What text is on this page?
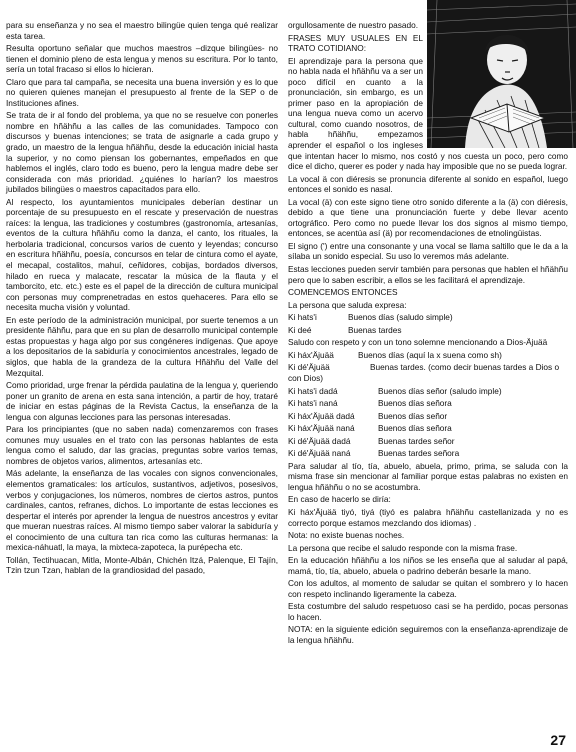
para su enseñanza y no sea el maestro bilingüe quien tenga qué realizar esta tarea.

Resulta oportuno señalar que muchos maestros –dizque bilingües- no tienen el dominio pleno de esta lengua y menos su escritura. Por lo tanto, sería un total fracaso si ellos lo hicieran.

Claro que para tal campaña, se necesita una buena inversión y es lo que no quieren quienes manejan el presupuesto al frente de la SEP o de Instituciones afines.

Se trata de ir al fondo del problema, ya que no se resuelve con ponerles nombre en hñähñu a las calles de las comunidades. Tampoco con discursos y buenas intenciones; se trata de asignarle a cada grupo y grado, un maestro de la lengua hñähñu, desde la educación inicial hasta la superior, y no como piensan los gobernantes, empeñados en que hablemos el inglés, claro todo es bueno, pero la lengua madre debe ser considerada con más prioridad. ¿quiénes lo harían? los maestros jubilados bilingües o maestros capacitados para ello.

Al respecto, los ayuntamientos municipales deberían destinar un porcentaje de su presupuesto en el rescate y preservación de nuestras raíces: la lengua, las tradiciones y costumbres (gastronomía, artesanías, eventos de la cultura hñähñu como la danza, el canto, los rituales, la herbolaria tradicional, concursos varios de cuento y leyendas; concurso en escritura hñähñu, poesía, concursos en telar de cintura como el ayate, el mecapal, costalitos, mahuí, ceñidores, cobijas, bordados diversos, hilado en rueca y malacate, rescatar la música de la flauta y el tamborcito, etc. etc.) este es el papel de la dirección de cultura municipal con personas muy comprenetradas en estos quehaceres. Para ello se necesita mucha visión y voluntad.

En este período de la administración municipal, por suerte tenemos a un presidente ñähñu, para que en su plan de desarrollo municipal contemple estas propuestas y haga algo por sus congéneres indígenas. Que apoye a los depositarios de la sabiduría y conocimientos ancestrales, legado de siglos, que habla de la grandeza de la cultura Hñähñu del Valle del Mezquital.

Como prioridad, urge frenar la pérdida paulatina de la lengua y, queriendo poner un granito de arena en esta sana intención, a partir de hoy, trataré de iniciar en estas páginas de la Revista Cactus, la enseñanza de la lengua con algunas lecciones para las personas interesadas.

Para los principiantes (que no saben nada) comenzaremos con frases comunes muy usuales en el trato con las personas hablantes de esta lengua como el saludo, dar las gracias, preguntas sobre varios temas, nombres de objetos varios, alimentos, artesanías etc.

Más adelante, la enseñanza de las vocales con signos convencionales, elementos gramaticales: los artículos, sustantivos, adjetivos, posesivos, verbos y conjugaciones, los números, nombres de ciertos astros, puntos cardinales, cantos, refranes, dichos. Lo importante de estas lecciones es despertar el interés por aprender la lengua de nuestros ancestros y evitar que mueran nuestras raíces. Al mismo tiempo saber valorar la sabiduría y el conocimiento de una cultura tan rica como las culturas hermanas: la mexica-náhuatl, la maya, la mixteca-zapoteca, la purépecha etc.

Tollán, Tectihuacan, Mitla, Monte-Albán, Chichén Itzá, Palenque, El Tajín, Tzin tzun Tzan, hablan de la grandiosidad del pasado,

orgullosamente de nuestro pasado.

FRASES MUY USUALES EN EL TRATO COTIDIANO:

El aprendizaje para la persona que no habla nada el hñähñu va a ser un poco difícil en cuanto a la pronunciación, sin embargo, es un primer paso en la apropiación de una lengua nueva como un acervo cultural, como cuando nosotros, de habla hñähñu, empezamos aprender el español o los ingleses que intentan hacer lo mismo, nos costó y nos cuesta un poco, pero como dice el dicho, querer es poder y nada hay imposible que no se pueda lograr.

La vocal ä con diéresis se pronuncia diferente al sonido en español, luego entonces el sonido es nasal.

La vocal (ä) con este signo tiene otro sonido diferente a la (ä) con diéresis, debido a que tiene una pronunciación fuerte y debe llevar acento ortográfico. Pero como no puede llevar los dos signos al mismo tiempo, entonces, se acentúa así (ä) por recomendaciones de etnolingüistas.

El signo (') entre una consonante y una vocal se llama saltillo que le da a la sílaba un sonido especial. Su uso lo veremos más adelante.

Estas lecciones pueden servir también para personas que hablen el hñähñu pero que lo saben escribir, a ellos se les facilitará el aprendizaje.

COMENCEMOS ENTONCES

La persona que saluda expresa:

Ki hats'i	Buenos días (saludo simple)

Ki deé	Buenas tardes

Saludo con respeto y con un tono solemne mencionando a Dios-Äjuää

Ki háx'Äjuää	Buenos días (aquí la x suena como sh)

Ki dé'Äjuää	Buenas tardes. (como decir buenas tardes a Dios o con Dios)

Ki hats'i dadá	Buenos días señor (saludo imple)

Ki hats'i naná	Buenos días señora

Ki háx'Äjuää dadá	Buenos días señor

Ki háx'Äjuää naná	Buenos días señora

Ki dé'Äjuää dadá	Buenas tardes señor

Ki dé'Äjuää naná	Buenas tardes señora

Para saludar al tío, tía, abuelo, abuela, primo, prima, se saluda con la misma frase sin mencionar al familiar porque estas palabras no existen en lengua hñähñu o no se acostumbra.

En caso de hacerlo se diría:

Ki háx'Äjuää tiyó, tiyá (tiyó es palabra hñähñu castellanizada y no es correcto porque estamos mezclando dos idiomas) .

Nota: no existe buenas noches.

La persona que recibe el saludo responde con la misma frase.

En la educación hñähñu a los niños se les enseña que al saludar al papá, mamá, tío, tía, abuelo, abuela o padrino deberán besarle la mano.

Con los adultos, al momento de saludar se quitan el sombrero y lo hacen con respeto inclinando ligeramente la cabeza.

Esta costumbre del saludo respetuoso casi se ha perdido, pocas personas lo hacen.

NOTA: en la siguiente edición seguiremos con la enseñanza-aprendizaje de la lengua hñähñu.

27
